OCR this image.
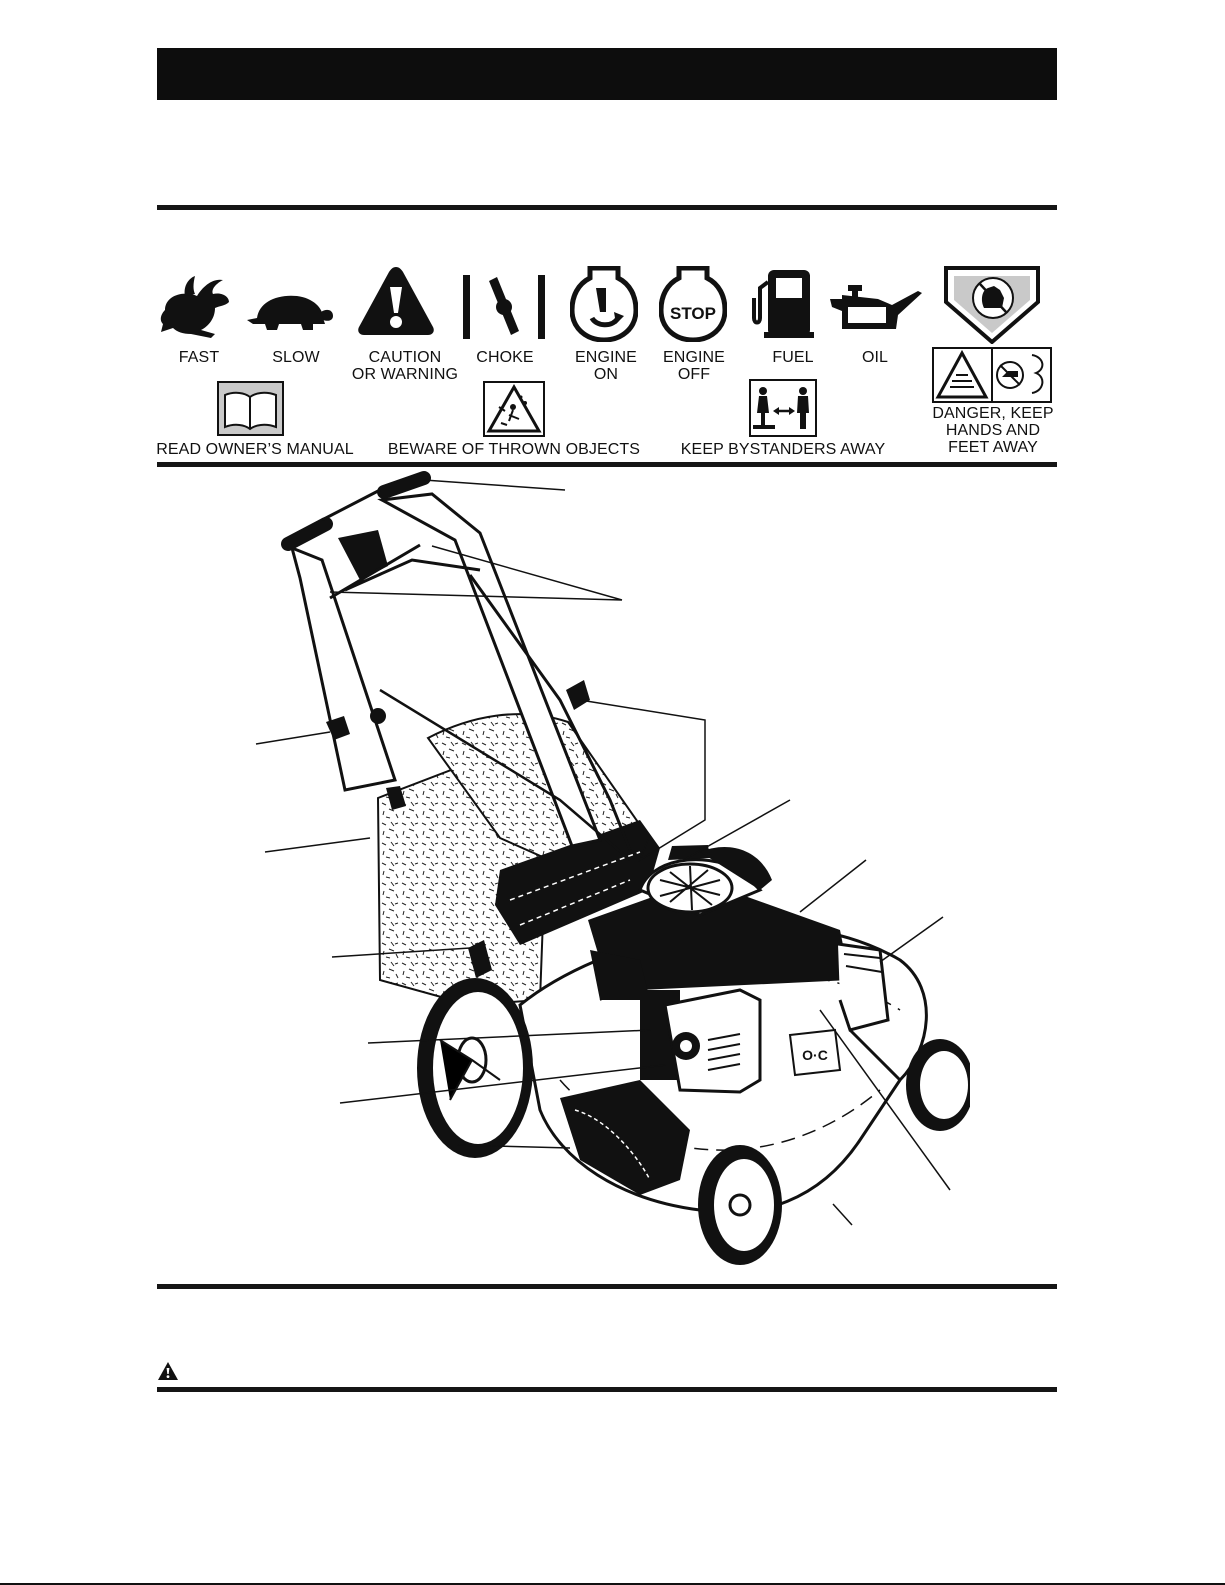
STOP
FAST	SLOW	CAUTION
OR WARNING
CHOKE	ENGINE
ON
ENGINE
OFF
FUEL	OIL
READ OWNER’S MANUAL	BEWARE OF THROWN OBJECTS	KEEP BYSTANDERS AWAY
DANGER, KEEP
HANDS AND
FEET AWAY
O·C
